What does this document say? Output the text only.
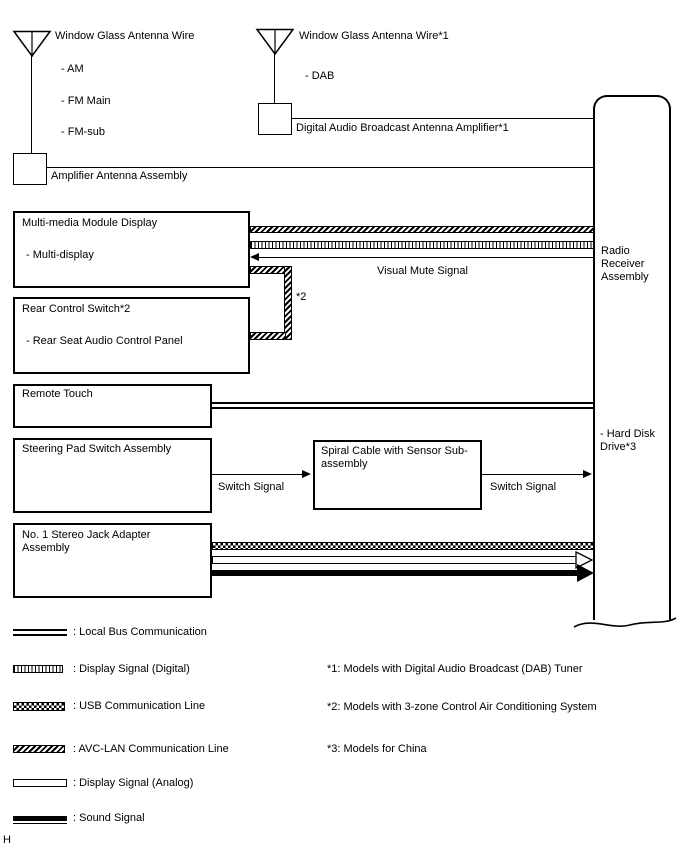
Window Glass Antenna Wire
- AM
- FM Main
- FM-sub
Amplifier Antenna Assembly
Window Glass Antenna Wire*1
- DAB
Digital Audio Broadcast Antenna Amplifier*1
Visual Mute Signal
*2
Multi-media Module Display
- Multi-display
Rear Control Switch*2
- Rear Seat Audio Control Panel
Remote Touch
Steering Pad Switch Assembly
Switch Signal
Spiral Cable with Sensor Sub-assembly
Switch Signal
No. 1 Stereo Jack Adapter Assembly
Radio Receiver Assembly
- Hard Disk Drive*3
: Local Bus Communication
: Display Signal (Digital)
: USB Communication Line
: AVC-LAN Communication Line
: Display Signal (Analog)
: Sound Signal
*1: Models with Digital Audio Broadcast (DAB) Tuner
*2: Models with 3-zone Control Air Conditioning System
*3: Models for China
H
